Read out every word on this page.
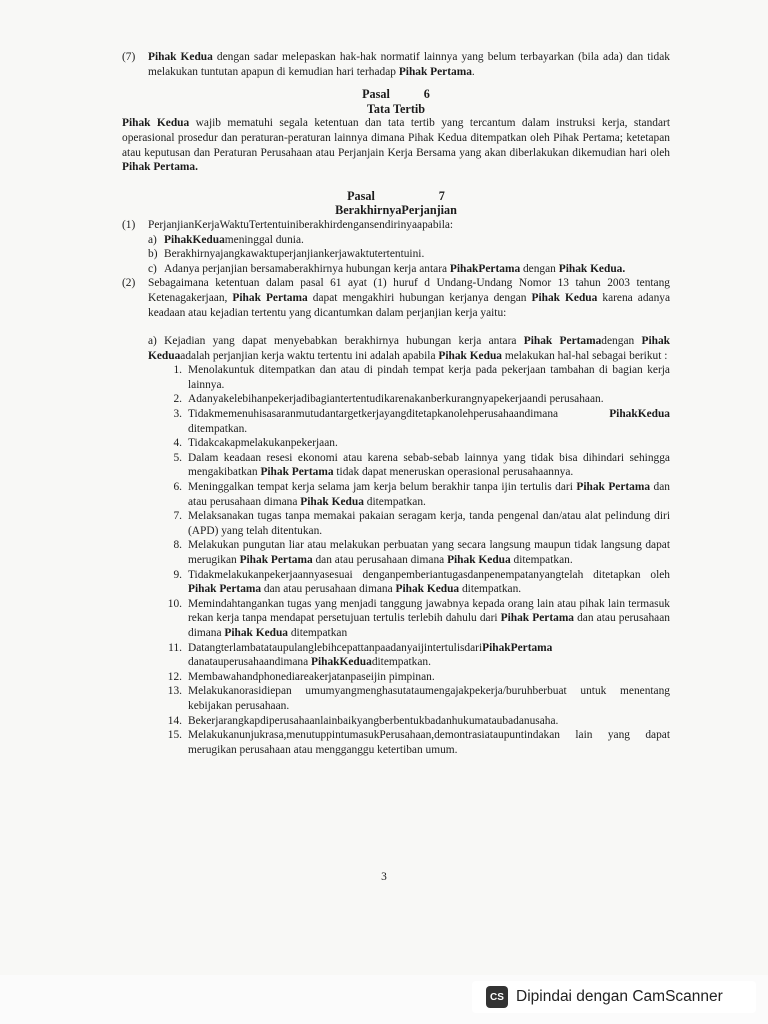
(7)	Pihak Kedua dengan sadar melepaskan hak-hak normatif lainnya yang belum terbayarkan (bila ada) dan tidak melakukan tuntutan apapun di kemudian hari terhadap Pihak Pertama.
Pasal	6
Tata Tertib
Pihak Kedua wajib mematuhi segala ketentuan dan tata tertib yang tercantum dalam instruksi kerja, standart operasional prosedur dan peraturan-peraturan lainnya dimana Pihak Kedua ditempatkan oleh Pihak Pertama; ketetapan atau keputusan dan Peraturan Perusahaan atau Perjanjain Kerja Bersama yang akan diberlakukan dikemudian hari oleh Pihak Pertama.
Pasal	7
BerakhirnyaPerjanjian
(1)	PerjanjianKerjaWaktuTertentuiniberakhirdengansendirinyaapabila:
a) PihakKeduameninggal dunia.
b) Berakhirnyajangkawaktuperjanjiankerjawaktutertentuini.
c) Adanya perjanjian bersamaberakhirnya hubungan kerja antara PihakPertama dengan Pihak Kedua.
(2)	Sebagaimana ketentuan dalam pasal 61 ayat (1) huruf d Undang-Undang Nomor 13 tahun 2003 tentang Ketenagakerjaan, Pihak Pertama dapat mengakhiri hubungan kerjanya dengan Pihak Kedua karena adanya keadaan atau kejadian tertentu yang dicantumkan dalam perjanjian kerja yaitu:
a) Kejadian yang dapat menyebabkan berakhirnya hubungan kerja antara Pihak Pertamadengan Pihak Keduaadalah perjanjian kerja waktu tertentu ini adalah apabila Pihak Kedua melakukan hal-hal sebagai berikut :
1. Menolakuntuk ditempatkan dan atau di pindah tempat kerja pada pekerjaan tambahan di bagian kerja lainnya.
2. Adanyakelebihanpekerjadibagiantertentudikarenakanberkurangnyapekerjaandi perusahaan.
3. Tidakmemenuhisasaranmutudantargetkerjayangditetapkanolehperusahaandimana PihakKedua ditempatkan.
4. Tidakcakapmelakukanpekerjaan.
5. Dalam keadaan resesi ekonomi atau karena sebab-sebab lainnya yang tidak bisa dihindari sehingga mengakibatkan Pihak Pertama tidak dapat meneruskan operasional perusahaannya.
6. Meninggalkan tempat kerja selama jam kerja belum berakhir tanpa ijin tertulis dari Pihak Pertama dan atau perusahaan dimana Pihak Kedua ditempatkan.
7. Melaksanakan tugas tanpa memakai pakaian seragam kerja, tanda pengenal dan/atau alat pelindung diri (APD) yang telah ditentukan.
8. Melakukan pungutan liar atau melakukan perbuatan yang secara langsung maupun tidak langsung dapat merugikan Pihak Pertama dan atau perusahaan dimana Pihak Kedua ditempatkan.
9. Tidakmelakukanpekerjaannyasesuai denganpemberiantugasdanpenempatanyangtelah ditetapkan oleh Pihak Pertama dan atau perusahaan dimana Pihak Kedua ditempatkan.
10. Memindahtangankan tugas yang menjadi tanggung jawabnya kepada orang lain atau pihak lain termasuk rekan kerja tanpa mendapat persetujuan tertulis terlebih dahulu dari Pihak Pertama dan atau perusahaan dimana Pihak Kedua ditempatkan
11. DatangterlambatataupulanglebihcepattanpaadanyaijintertulisdariPihakPertama danatauperusahaandimana PihakKeduaditempatkan.
12. Membawahandphonediareakerjatanpaseijin pimpinan.
13. Melakukanorasidiepan umumyangmenghasutataumengajakpekerja/buruhberbuat untuk menentang kebijakan perusahaan.
14. Bekerjarangkapdiperusahaanlainbaikyangberbentukbadanhukumataubadanusaha.
15. Melakukanunjukrasa,menutuppintumasukPerusahaan,demontrasiataupuntindakan lain yang dapat merugikan perusahaan atau mengganggu ketertiban umum.
3
CS Dipindai dengan CamScanner
